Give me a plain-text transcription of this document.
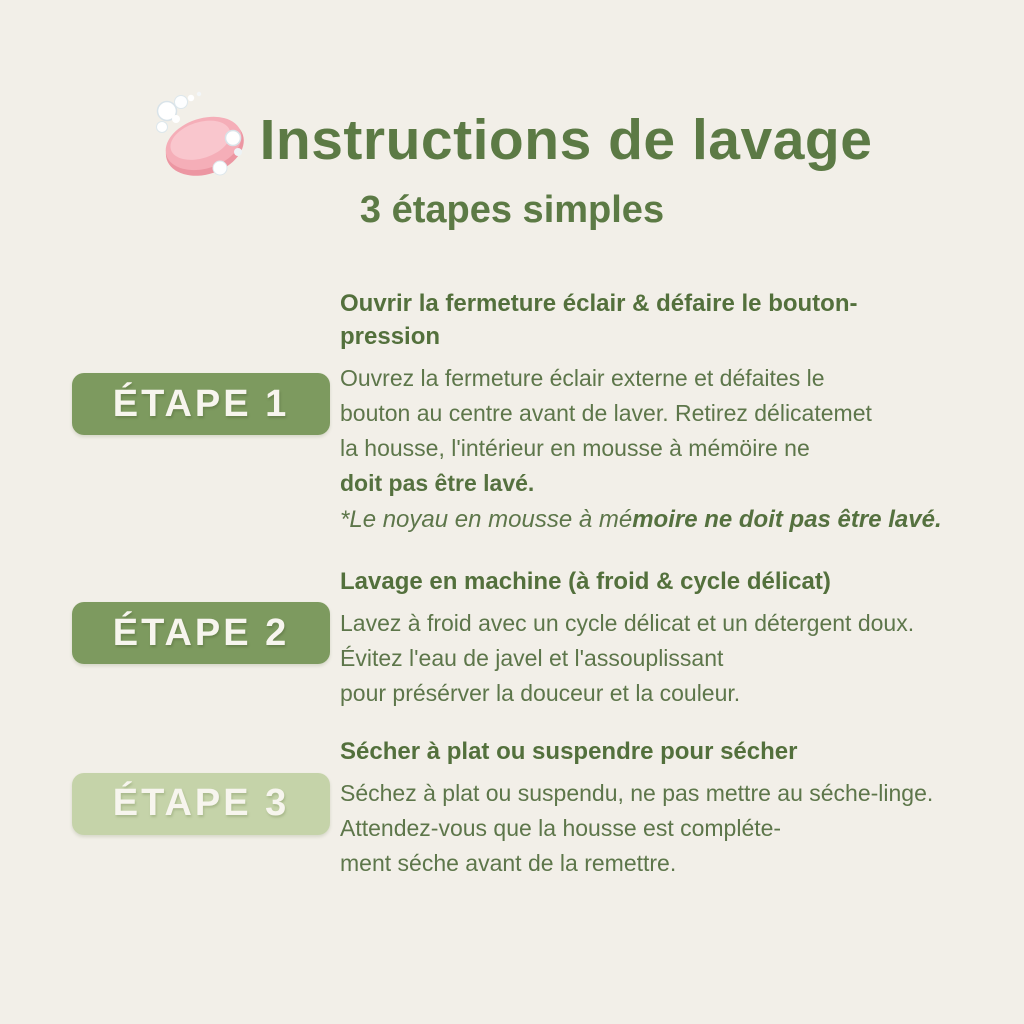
Instructions de lavage
3 étapes simples
ÉTAPE 1
Ouvrir la fermeture éclair & défaire le bouton-
pression
Ouvrez la fermeture éclair externe et défaites le
bouton au centre avant de laver. Retirez délicatemet
la housse, l'intérieur en mousse à mémöire ne
doit pas être lavé.
*Le noyau en mousse à mémoire ne doit pas être lavé.
ÉTAPE 2
Lavage en machine (à froid & cycle délicat)
Lavez à froid avec un cycle délicat et un détergent doux.
Évitez l'eau de javel et l'assouplissant
pour présérver la douceur et la couleur.
ÉTAPE 3
Sécher à plat ou suspendre pour sécher
Séchez à plat ou suspendu, ne pas mettre au séche-linge.
Attendez-vous que la housse est compléte-
ment séche avant de la remettre.
